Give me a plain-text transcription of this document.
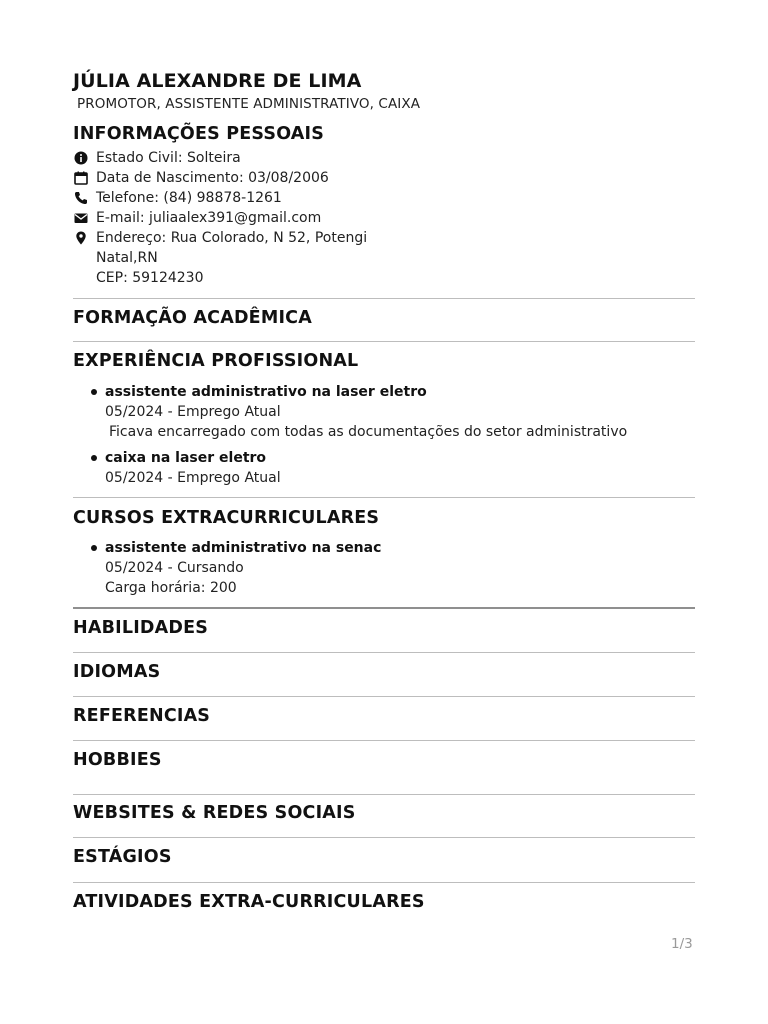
JÚLIA ALEXANDRE DE LIMA

PROMOTOR, ASSISTENTE ADMINISTRATIVO, CAIXA

INFORMAÇÕES PESSOAIS

Estado Civil: Solteira

Data de Nascimento: 03/08/2006

Telefone: (84) 98878-1261

E-mail: juliaalex391@gmail.com

Endereço: Rua Colorado, N 52, Potengi

Natal,RN

CEP: 59124230

FORMAÇÃO ACADÊMICA
EXPERIÊNCIA PROFISSIONAL

assistente administrativo na laser eletro

05/2024 - Emprego Atual

Ficava encarregado com todas as documentações do setor administrativo

caixa na laser eletro

05/2024 - Emprego Atual

CURSOS EXTRACURRICULARES

assistente administrativo na senac

05/2024 - Cursando

Carga horária: 200

HABILIDADES
IDIOMAS
REFERENCIAS
HOBBIES
WEBSITES & REDES SOCIAIS
ESTÁGIOS
ATIVIDADES EXTRA-CURRICULARES

1/3
